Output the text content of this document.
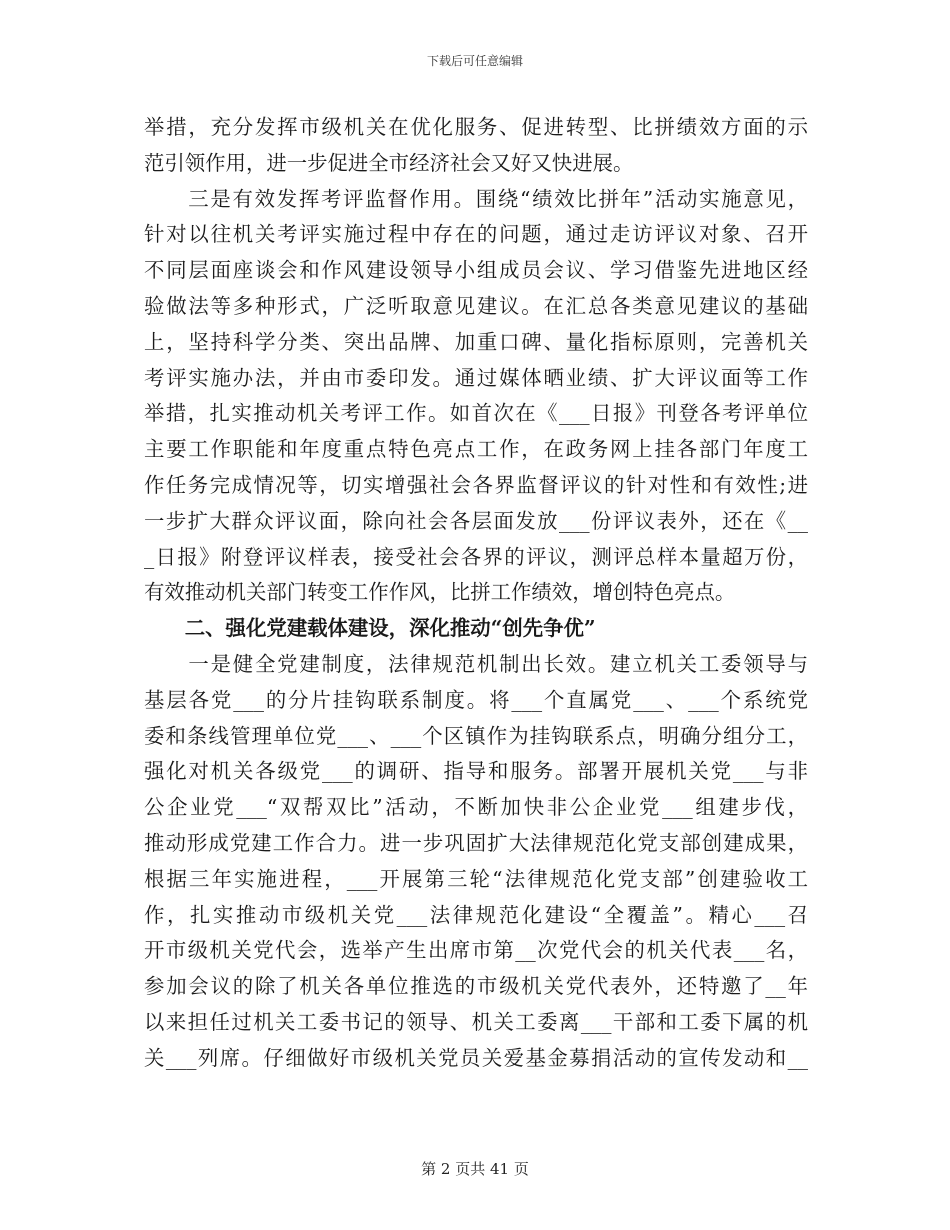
下载后可任意编辑
举措，充分发挥市级机关在优化服务、促进转型、比拼绩效方面的示
范引领作用，进一步促进全市经济社会又好又快进展。
　　三是有效发挥考评监督作用。围绕“绩效比拼年”活动实施意见，
针对以往机关考评实施过程中存在的问题，通过走访评议对象、召开
不同层面座谈会和作风建设领导小组成员会议、学习借鉴先进地区经
验做法等多种形式，广泛听取意见建议。在汇总各类意见建议的基础
上，坚持科学分类、突出品牌、加重口碑、量化指标原则，完善机关
考评实施办法，并由市委印发。通过媒体晒业绩、扩大评议面等工作
举措，扎实推动机关考评工作。如首次在《___日报》刊登各考评单位
主要工作职能和年度重点特色亮点工作，在政务网上挂各部门年度工
作任务完成情况等，切实增强社会各界监督评议的针对性和有效性;进
一步扩大群众评议面，除向社会各层面发放___份评议表外，还在《__
_日报》附登评议样表，接受社会各界的评议，测评总样本量超万份，
有效推动机关部门转变工作作风，比拼工作绩效，增创特色亮点。
　　二、强化党建载体建设，深化推动“创先争优”
　　一是健全党建制度，法律规范机制出长效。建立机关工委领导与
基层各党___的分片挂钩联系制度。将___个直属党___、___个系统党
委和条线管理单位党___、___个区镇作为挂钩联系点，明确分组分工，
强化对机关各级党___的调研、指导和服务。部署开展机关党___与非
公企业党___“双帮双比”活动，不断加快非公企业党___组建步伐，
推动形成党建工作合力。进一步巩固扩大法律规范化党支部创建成果，
根据三年实施进程，___开展第三轮“法律规范化党支部”创建验收工
作，扎实推动市级机关党___法律规范化建设“全覆盖”。精心___召
开市级机关党代会，选举产生出席市第__次党代会的机关代表___名，
参加会议的除了机关各单位推选的市级机关党代表外，还特邀了__年
以来担任过机关工委书记的领导、机关工委离___干部和工委下属的机
关___列席。仔细做好市级机关党员关爱基金募捐活动的宣传发动和__
第 2 页共 41 页
